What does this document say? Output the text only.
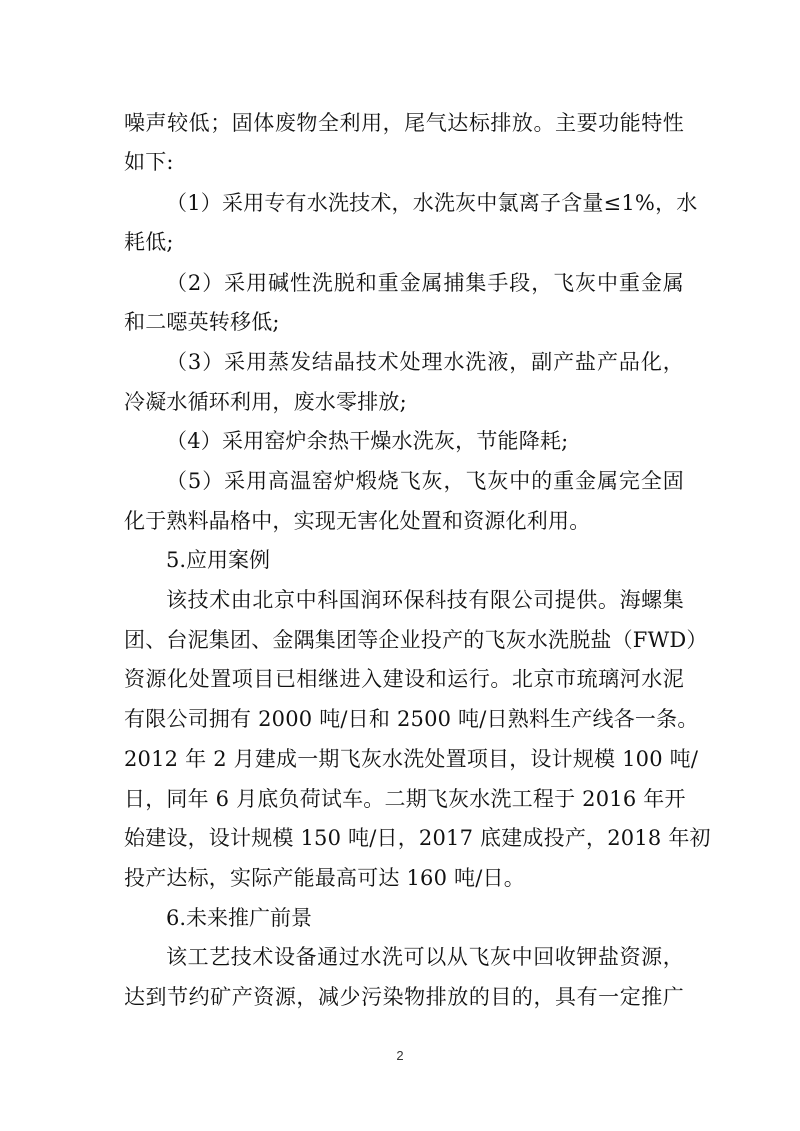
噪声较低；固体废物全利用，尾气达标排放。主要功能特性
如下:
（1）采用专有水洗技术，水洗灰中氯离子含量≤1%，水
耗低;
（2）采用碱性洗脱和重金属捕集手段，飞灰中重金属
和二噁英转移低;
（3）采用蒸发结晶技术处理水洗液，副产盐产品化，
冷凝水循环利用，废水零排放;
（4）采用窑炉余热干燥水洗灰，节能降耗;
（5）采用高温窑炉煅烧飞灰，飞灰中的重金属完全固
化于熟料晶格中，实现无害化处置和资源化利用。
5.应用案例
该技术由北京中科国润环保科技有限公司提供。海螺集
团、台泥集团、金隅集团等企业投产的飞灰水洗脱盐（FWD）
资源化处置项目已相继进入建设和运行。北京市琉璃河水泥
有限公司拥有 2000 吨/日和 2500 吨/日熟料生产线各一条。
2012 年 2 月建成一期飞灰水洗处置项目，设计规模 100 吨/
日，同年 6 月底负荷试车。二期飞灰水洗工程于 2016 年开
始建设，设计规模 150 吨/日，2017 底建成投产，2018 年初
投产达标，实际产能最高可达 160 吨/日。
6.未来推广前景
该工艺技术设备通过水洗可以从飞灰中回收钾盐资源，
达到节约矿产资源，减少污染物排放的目的，具有一定推广
2
